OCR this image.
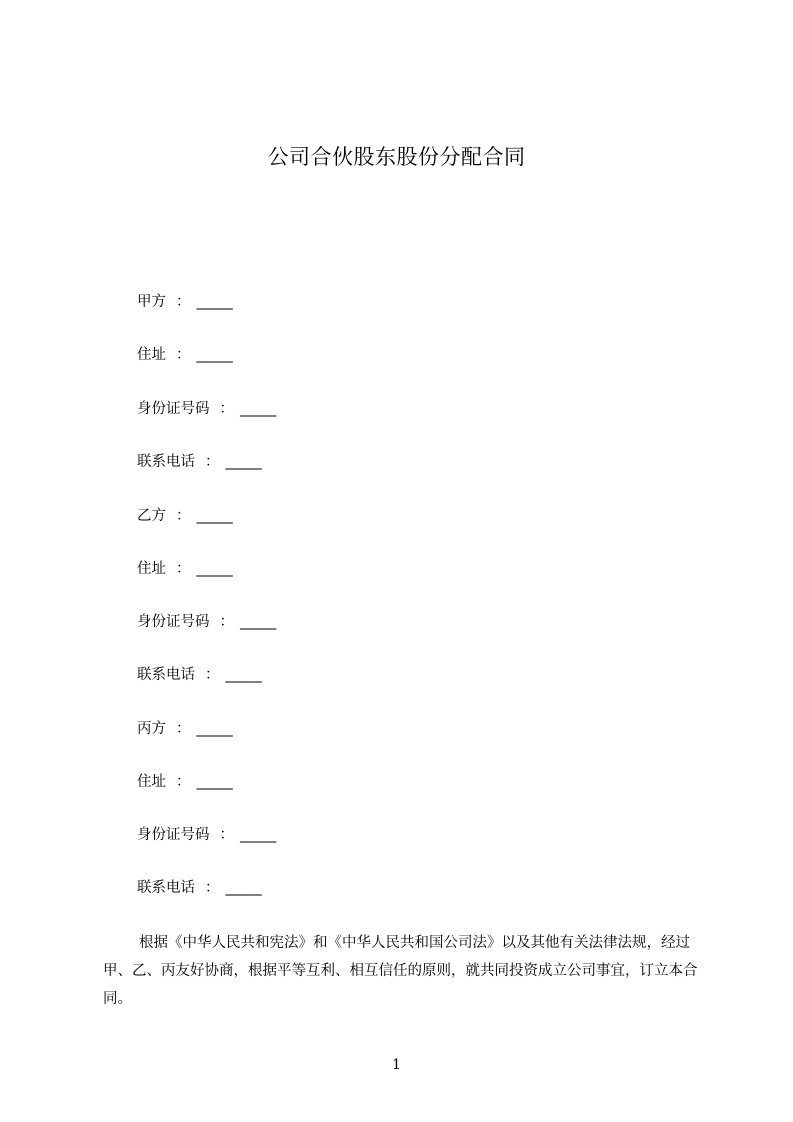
公司合伙股东股份分配合同
甲方 ： _____
住址 ： _____
身份证号码 ： _____
联系电话 ： _____
乙方 ： _____
住址 ： _____
身份证号码 ： _____
联系电话 ： _____
丙方 ： _____
住址 ： _____
身份证号码 ： _____
联系电话 ： _____

根据《中华人民共和宪法》和《中华人民共和国公司法》以及其他有关法律法规，经过甲、乙、丙友好协商，根据平等互利、相互信任的原则，就共同投资成立公司事宜，订立本合同。

1
